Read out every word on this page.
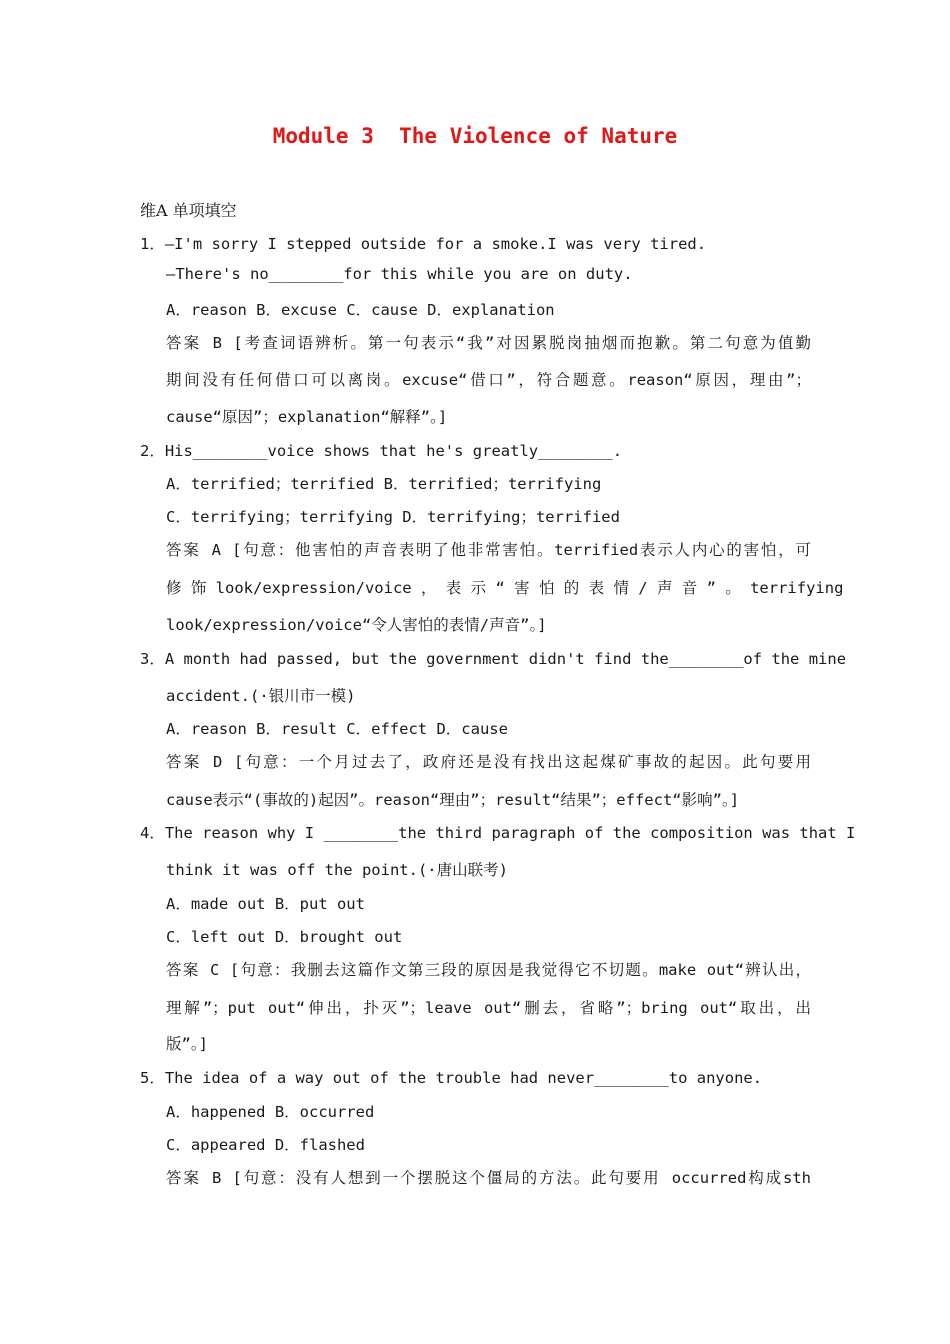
Module 3  The Violence of Nature
维A 单项填空
1．—I'm sorry I stepped outside for a smoke.I was very tired.
—There's no________for this while you are on duty.
A．reason B．excuse C．cause D．explanation
答案 B [考查词语辨析。第一句表示“我”对因累脱岗抽烟而抱歉。第二句意为值勤
期间没有任何借口可以离岗。excuse“借口”，符合题意。reason“原因，理由”；
cause“原因”；explanation“解释”。]
2．His________voice shows that he's greatly________.
A．terrified；terrified B．terrified；terrifying
C．terrifying；terrifying D．terrifying；terrified
答案 A [句意：他害怕的声音表明了他非常害怕。terrified表示人内心的害怕，可
修 饰 look/expression/voice ， 表 示 “ 害 怕 的 表 情 / 声 音 ” 。 terrifying
look/expression/voice“令人害怕的表情/声音”。]
3．A month had passed, but the government didn't find the________of the mine
accident.(·银川市一模)
A．reason B．result C．effect D．cause
答案 D [句意：一个月过去了，政府还是没有找出这起煤矿事故的起因。此句要用
cause表示“(事故的)起因”。reason“理由”；result“结果”；effect“影响”。]
4．The reason why I ________the third paragraph of the composition was that I
think it was off the point.(·唐山联考)
A．made out B．put out
C．left out D．brought out
答案 C [句意：我删去这篇作文第三段的原因是我觉得它不切题。make out“辨认出，
理解”；put out“伸出，扑灭”；leave out“删去，省略”；bring out“取出，出
版”。]
5．The idea of a way out of the trouble had never________to anyone.
A．happened B．occurred
C．appeared D．flashed
答案 B [句意：没有人想到一个摆脱这个僵局的方法。此句要用 occurred构成sth
